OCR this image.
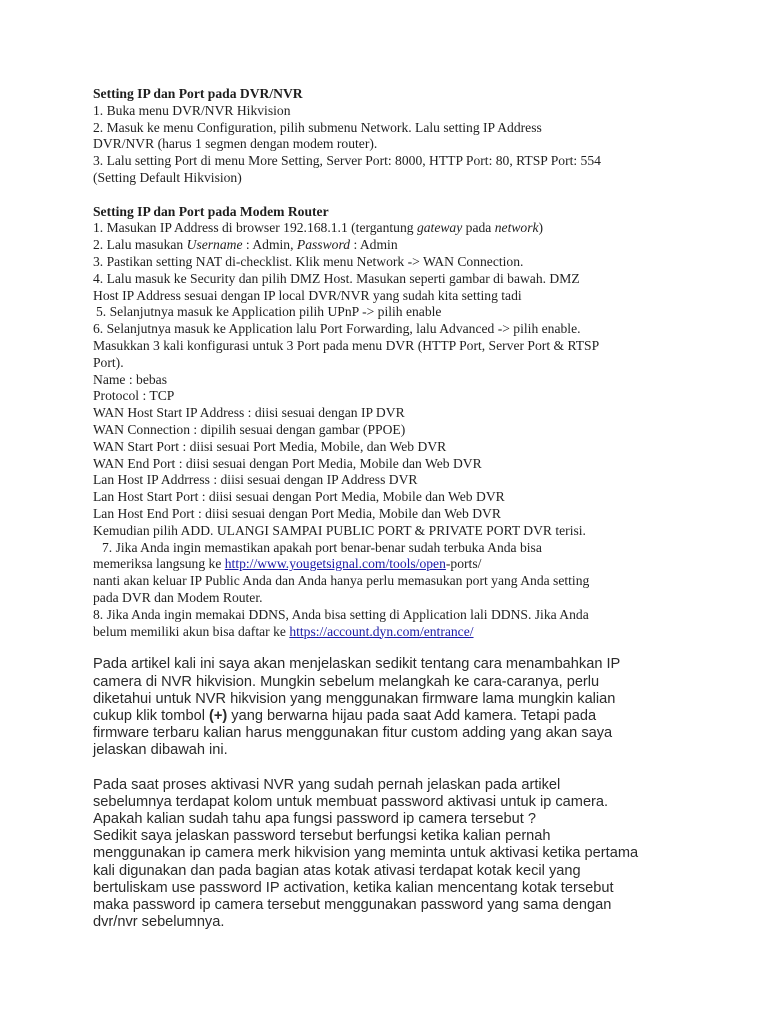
Setting IP dan Port pada DVR/NVR
1. Buka menu DVR/NVR Hikvision
2. Masuk ke menu Configuration, pilih submenu Network. Lalu setting IP Address
DVR/NVR (harus 1 segmen dengan modem router).
3. Lalu setting Port di menu More Setting, Server Port: 8000, HTTP Port: 80, RTSP Port: 554
(Setting Default Hikvision)
Setting IP dan Port pada Modem Router
1. Masukan IP Address di browser 192.168.1.1 (tergantung gateway pada network)
2. Lalu masukan Username : Admin, Password : Admin
3. Pastikan setting NAT di-checklist. Klik menu Network -> WAN Connection.
4. Lalu masuk ke Security dan pilih DMZ Host. Masukan seperti gambar di bawah. DMZ
Host IP Address sesuai dengan IP local DVR/NVR yang sudah kita setting tadi
5. Selanjutnya masuk ke Application pilih UPnP -> pilih enable
6. Selanjutnya masuk ke Application lalu Port Forwarding, lalu Advanced -> pilih enable.
Masukkan 3 kali konfigurasi untuk 3 Port pada menu DVR (HTTP Port, Server Port & RTSP
Port).
Name : bebas
Protocol : TCP
WAN Host Start IP Address : diisi sesuai dengan IP DVR
WAN Connection : dipilih sesuai dengan gambar (PPOE)
WAN Start Port : diisi sesuai Port Media, Mobile, dan Web DVR
WAN End Port : diisi sesuai dengan Port Media, Mobile dan Web DVR
Lan Host IP Addrress : diisi sesuai dengan IP Address DVR
Lan Host Start Port : diisi sesuai dengan Port Media, Mobile dan Web DVR
Lan Host End Port : diisi sesuai dengan Port Media, Mobile dan Web DVR
Kemudian pilih ADD. ULANGI SAMPAI PUBLIC PORT & PRIVATE PORT DVR terisi.
7. Jika Anda ingin memastikan apakah port benar-benar sudah terbuka Anda bisa
memeriksa langsung ke http://www.yougetsignal.com/tools/open-ports/
nanti akan keluar IP Public Anda dan Anda hanya perlu memasukan port yang Anda setting
pada DVR dan Modem Router.
8. Jika Anda ingin memakai DDNS, Anda bisa setting di Application lali DDNS. Jika Anda
belum memiliki akun bisa daftar ke https://account.dyn.com/entrance/
Pada artikel kali ini saya akan menjelaskan sedikit tentang cara menambahkan IP
camera di NVR hikvision. Mungkin sebelum melangkah ke cara-caranya, perlu
diketahui untuk NVR hikvision yang menggunakan firmware lama mungkin kalian
cukup klik tombol (+) yang berwarna hijau pada saat Add kamera. Tetapi pada
firmware terbaru kalian harus menggunakan fitur custom adding yang akan saya
jelaskan dibawah ini.
Pada saat proses aktivasi NVR yang sudah pernah jelaskan pada artikel
sebelumnya terdapat kolom untuk membuat password aktivasi untuk ip camera.
Apakah kalian sudah tahu apa fungsi password ip camera tersebut ?
Sedikit saya jelaskan password tersebut berfungsi ketika kalian pernah
menggunakan ip camera merk hikvision yang meminta untuk aktivasi ketika pertama
kali digunakan dan pada bagian atas kotak ativasi terdapat kotak kecil yang
bertuliskam use password IP activation, ketika kalian mencentang kotak tersebut
maka password ip camera tersebut menggunakan password yang sama dengan
dvr/nvr sebelumnya.
